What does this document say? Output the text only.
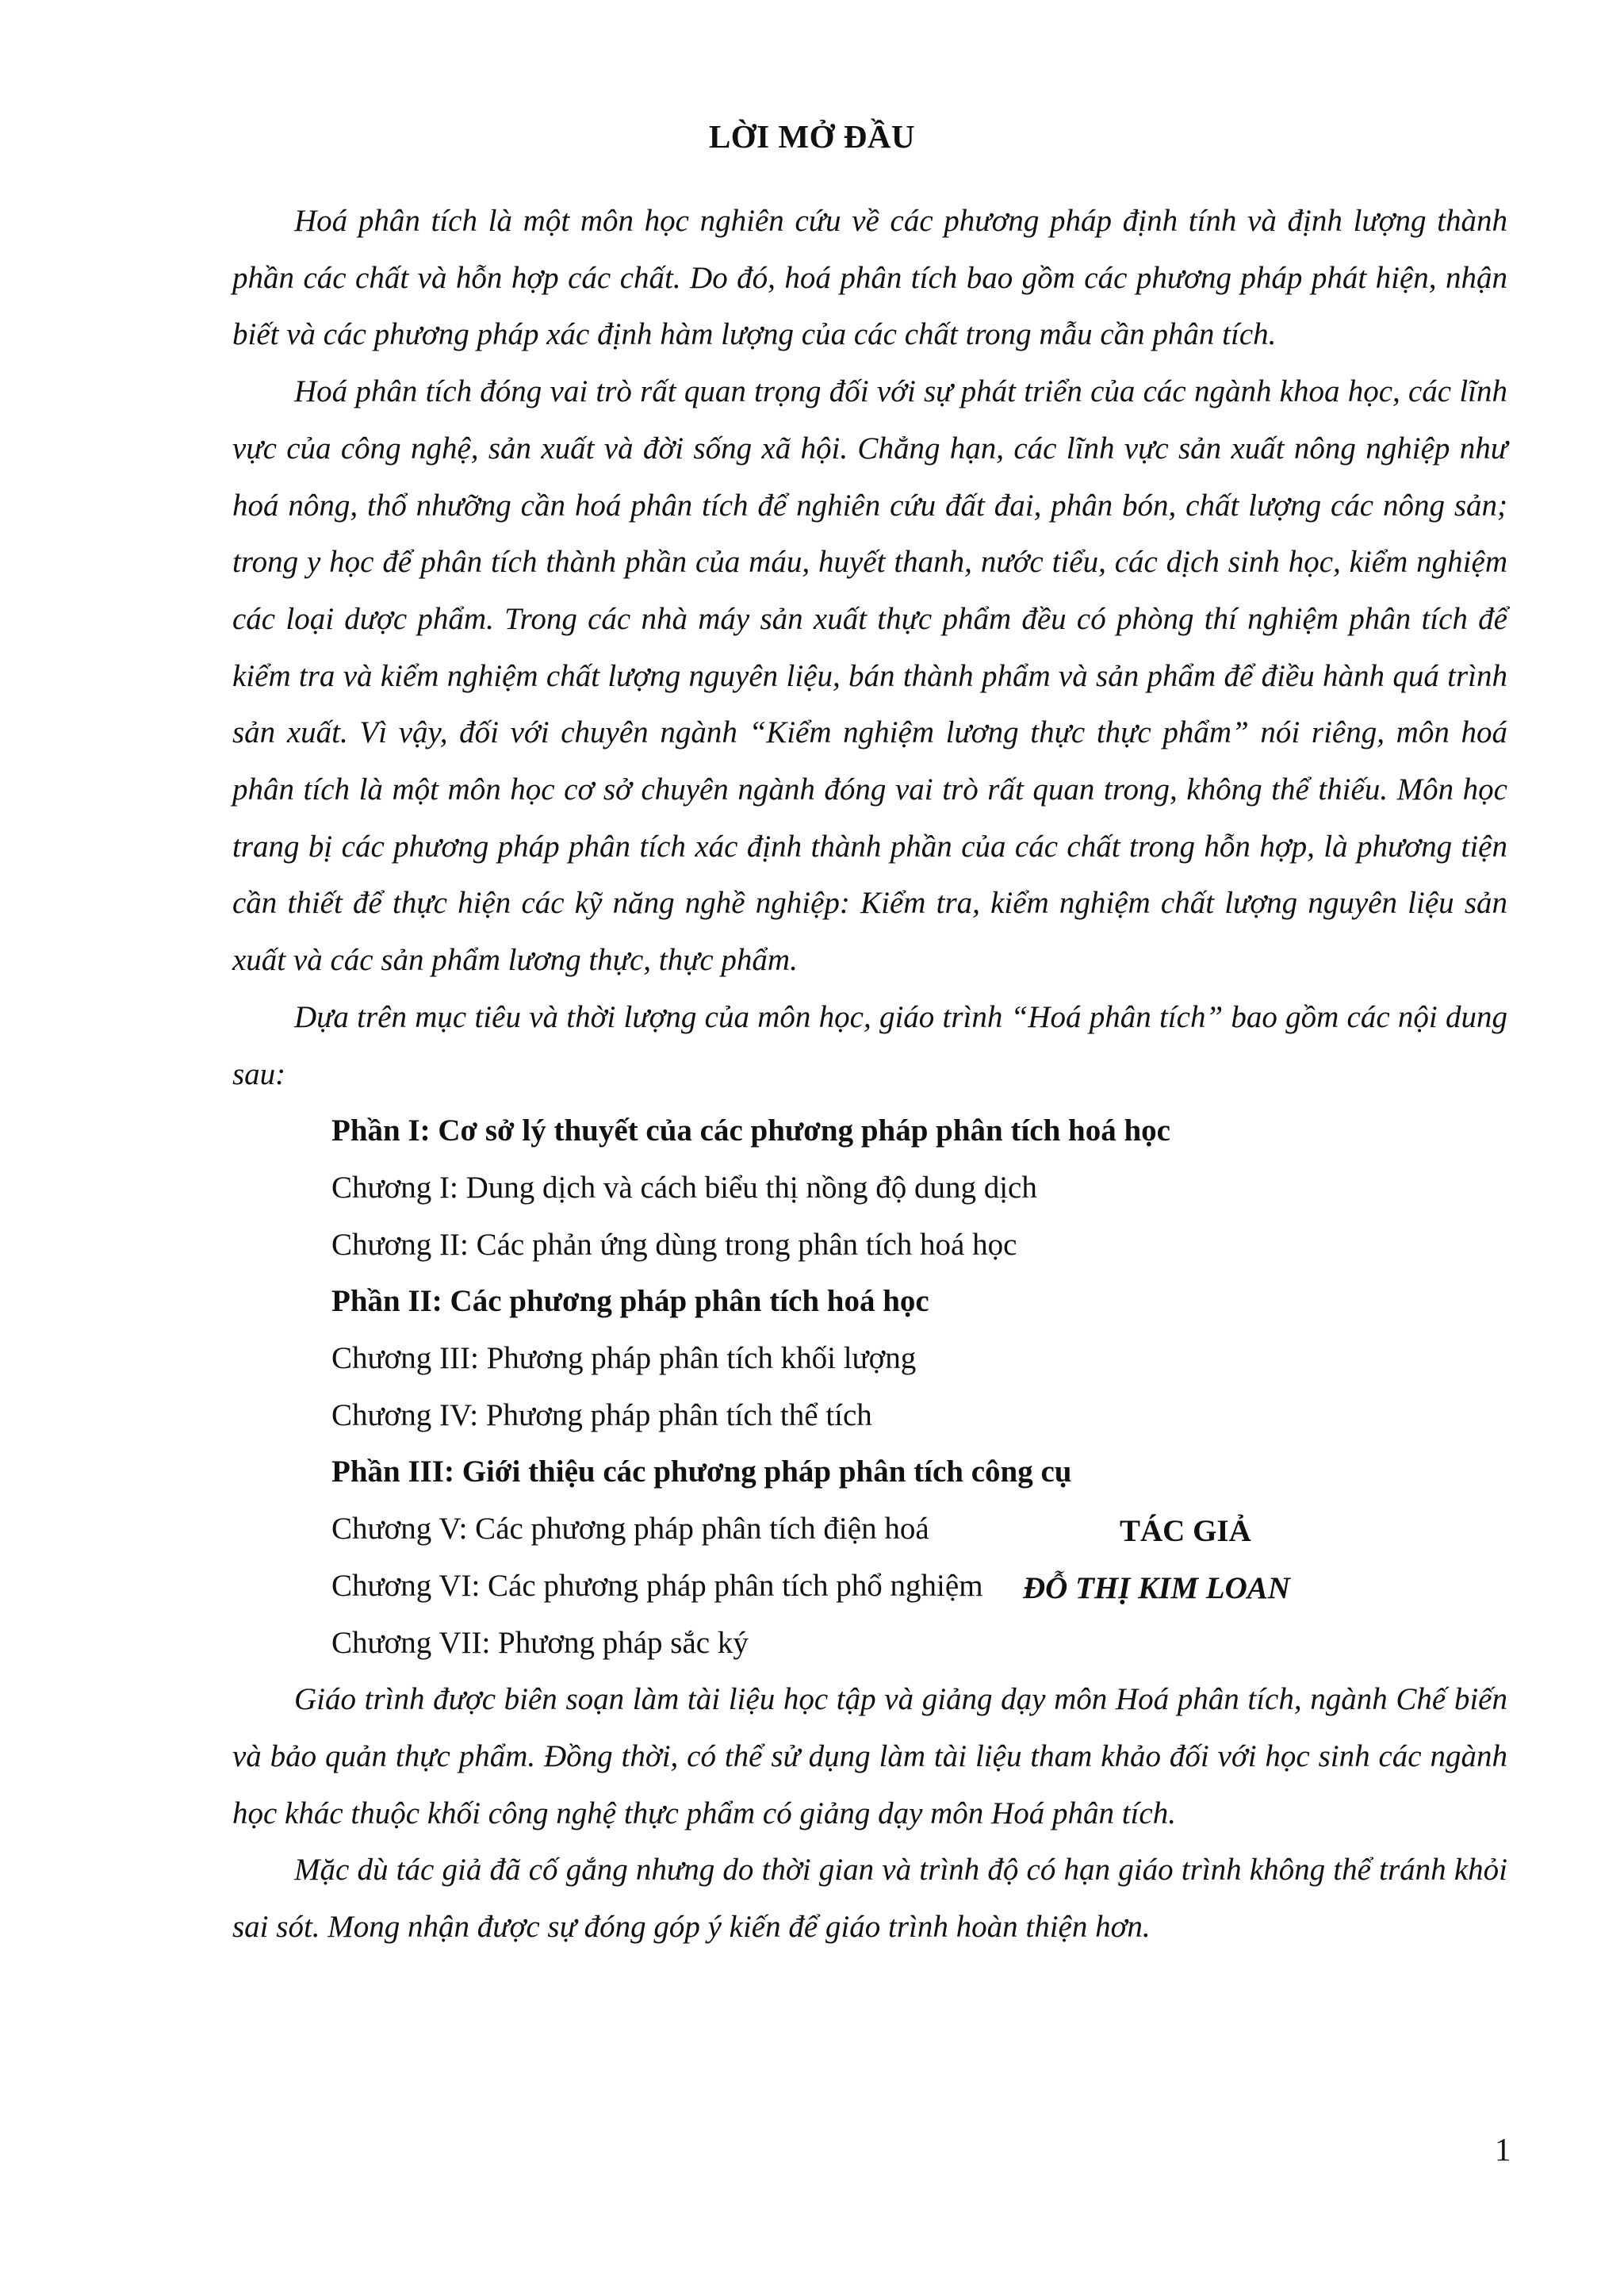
LỜI MỞ ĐẦU

Hoá phân tích là một môn học nghiên cứu về các phương pháp định tính và định lượng thành phần các chất và hỗn hợp các chất. Do đó, hoá phân tích bao gồm các phương pháp phát hiện, nhận biết và các phương pháp xác định hàm lượng của các chất trong mẫu cần phân tích.

Hoá phân tích đóng vai trò rất quan trọng đối với sự phát triển của các ngành khoa học, các lĩnh vực của công nghệ, sản xuất và đời sống xã hội. Chẳng hạn, các lĩnh vực sản xuất nông nghiệp như hoá nông, thổ nhưỡng cần hoá phân tích để nghiên cứu đất đai, phân bón, chất lượng các nông sản; trong y học để phân tích thành phần của máu, huyết thanh, nước tiểu, các dịch sinh học, kiểm nghiệm các loại dược phẩm. Trong các nhà máy sản xuất thực phẩm đều có phòng thí nghiệm phân tích để kiểm tra và kiểm nghiệm chất lượng nguyên liệu, bán thành phẩm và sản phẩm để điều hành quá trình sản xuất. Vì vậy, đối với chuyên ngành “Kiểm nghiệm lương thực thực phẩm” nói riêng, môn hoá phân tích là một môn học cơ sở chuyên ngành đóng vai trò rất quan trong, không thể thiếu. Môn học trang bị các phương pháp phân tích xác định thành phần của các chất trong hỗn hợp, là phương tiện cần thiết để thực hiện các kỹ năng nghề nghiệp: Kiểm tra, kiểm nghiệm chất lượng nguyên liệu sản xuất và các sản phẩm lương thực, thực phẩm.

Dựa trên mục tiêu và thời lượng của môn học, giáo trình “Hoá phân tích” bao gồm các nội dung sau:

Phần I: Cơ sở lý thuyết của các phương pháp phân tích hoá học
Chương I: Dung dịch và cách biểu thị nồng độ dung dịch
Chương II: Các phản ứng dùng trong phân tích hoá học
Phần II: Các phương pháp phân tích hoá học
Chương III: Phương pháp phân tích khối lượng
Chương IV: Phương pháp phân tích thể tích
Phần III: Giới thiệu các phương pháp phân tích công cụ
Chương V: Các phương pháp phân tích điện hoá
Chương VI: Các phương pháp phân tích phổ nghiệm
Chương VII: Phương pháp sắc ký

Giáo trình được biên soạn làm tài liệu học tập và giảng dạy môn Hoá phân tích, ngành Chế biến và bảo quản thực phẩm. Đồng thời, có thể sử dụng làm tài liệu tham khảo đối với học sinh các ngành học khác thuộc khối công nghệ thực phẩm có giảng dạy môn Hoá phân tích.

Mặc dù tác giả đã cố gắng nhưng do thời gian và trình độ có hạn giáo trình không thể tránh khỏi sai sót. Mong nhận được sự đóng góp ý kiến để giáo trình hoàn thiện hơn.

TÁC GIẢ
ĐỖ THỊ KIM LOAN
1
